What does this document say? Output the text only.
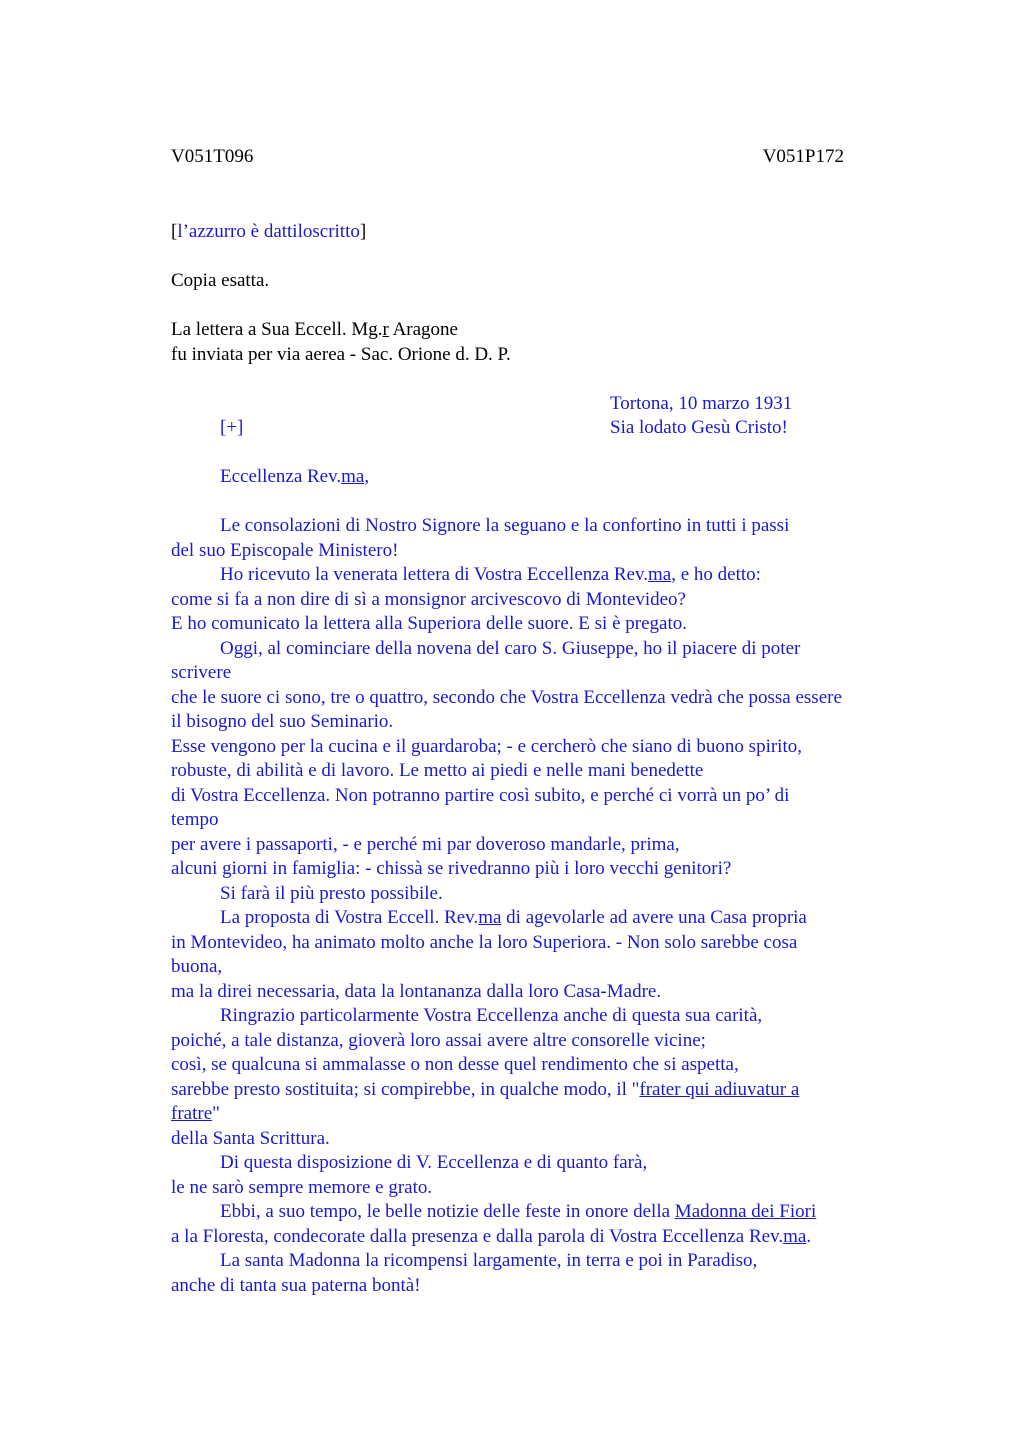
V051T096	V051P172
[l’azzurro è dattiloscritto]
Copia esatta.
La lettera a Sua Eccell. Mg.r Aragone
fu inviata per via aerea - Sac. Orione d. D. P.
Tortona, 10 marzo 1931
[+]	Sia lodato Gesù Cristo!
Eccellenza Rev.ma,
Le consolazioni di Nostro Signore la seguano e la confortino in tutti i passi
del suo Episcopale Ministero!
Ho ricevuto la venerata lettera di Vostra Eccellenza Rev.ma, e ho detto:
come si fa a non dire di sì a monsignor arcivescovo di Montevideo?
E ho comunicato la lettera alla Superiora delle suore. E si è pregato.
Oggi, al cominciare della novena del caro S. Giuseppe, ho il piacere di poter
scrivere
che le suore ci sono, tre o quattro, secondo che Vostra Eccellenza vedrà che possa essere
il bisogno del suo Seminario.
Esse vengono per la cucina e il guardaroba; - e cercherò che siano di buono spirito,
robuste, di abilità e di lavoro. Le metto ai piedi e nelle mani benedette
di Vostra Eccellenza. Non potranno partire così subito, e perché ci vorrà un po’ di
tempo
per avere i passaporti, - e perché mi par doveroso mandarle, prima,
alcuni giorni in famiglia: - chissà se rivedranno più i loro vecchi genitori?
Si farà il più presto possibile.
La proposta di Vostra Eccell. Rev.ma di agevolarle ad avere una Casa propria
in Montevideo, ha animato molto anche la loro Superiora. - Non solo sarebbe cosa
buona,
ma la direi necessaria, data la lontananza dalla loro Casa-Madre.
Ringrazio particolarmente Vostra Eccellenza anche di questa sua carità,
poiché, a tale distanza, gioverà loro assai avere altre consorelle vicine;
così, se qualcuna si ammalasse o non desse quel rendimento che si aspetta,
sarebbe presto sostituita; si compirebbe, in qualche modo, il "frater qui adiuvatur a
fratre"
della Santa Scrittura.
Di questa disposizione di V. Eccellenza e di quanto farà,
le ne sarò sempre memore e grato.
Ebbi, a suo tempo, le belle notizie delle feste in onore della Madonna dei Fiori
a la Floresta, condecorate dalla presenza e dalla parola di Vostra Eccellenza Rev.ma.
La santa Madonna la ricompensi largamente, in terra e poi in Paradiso,
anche di tanta sua paterna bontà!
